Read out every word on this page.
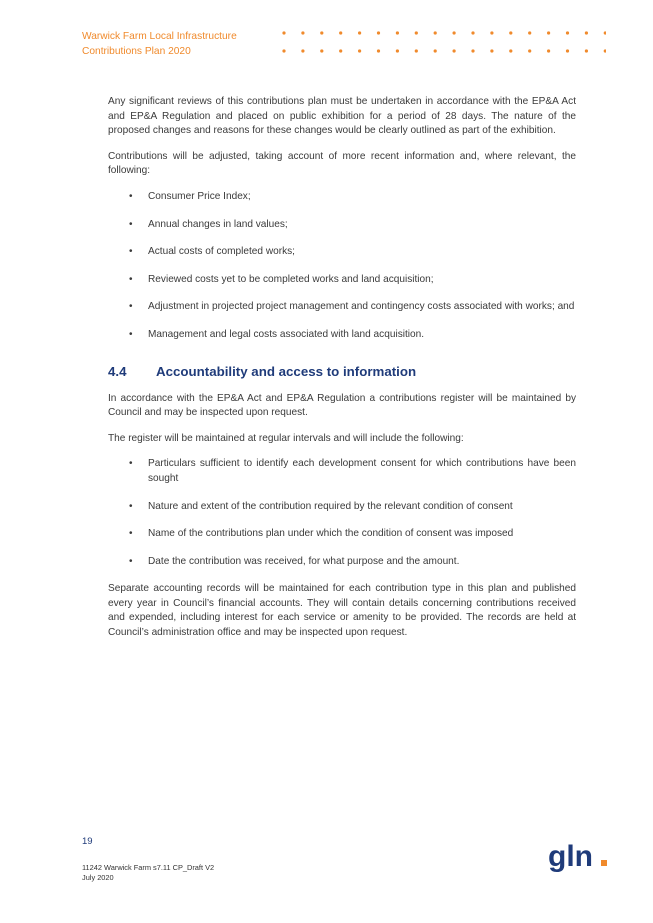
Warwick Farm Local Infrastructure
Contributions Plan 2020

Any significant reviews of this contributions plan must be undertaken in accordance with the EP&A Act and EP&A Regulation and placed on public exhibition for a period of 28 days. The nature of the proposed changes and reasons for these changes would be clearly outlined as part of the exhibition.

Contributions will be adjusted, taking account of more recent information and, where relevant, the following:

• Consumer Price Index;
• Annual changes in land values;
• Actual costs of completed works;
• Reviewed costs yet to be completed works and land acquisition;
• Adjustment in projected project management and contingency costs associated with works; and
• Management and legal costs associated with land acquisition.
4.4	Accountability and access to information

In accordance with the EP&A Act and EP&A Regulation a contributions register will be maintained by Council and may be inspected upon request.

The register will be maintained at regular intervals and will include the following:

• Particulars sufficient to identify each development consent for which contributions have been sought
• Nature and extent of the contribution required by the relevant condition of consent
• Name of the contributions plan under which the condition of consent was imposed
• Date the contribution was received, for what purpose and the amount.

Separate accounting records will be maintained for each contribution type in this plan and published every year in Council’s financial accounts. They will contain details concerning contributions received and expended, including interest for each service or amenity to be provided. The records are held at Council’s administration office and may be inspected upon request.

19
11242 Warwick Farm s7.11 CP_Draft V2
July 2020
gln
